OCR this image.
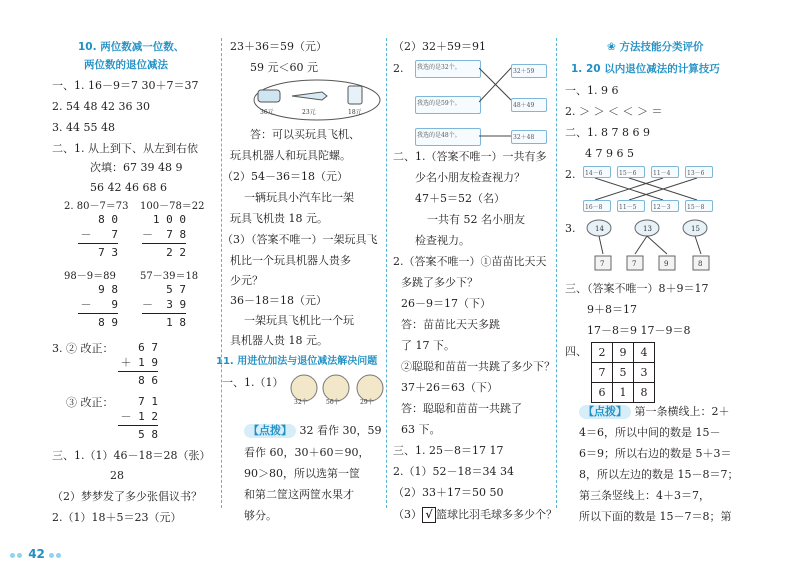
10. 两位数减一位数、
两位数的退位减法
一、1. 16－9＝7 30＋7＝37
2. 54 48 42 36 30
3. 44 55 48
二、1. 从上到下、从左到右依
次填：67 39 48 9
56 42 46 68 6
2. 80－7＝73 100－78＝22
8 0
－   7
7 3
1 0 0
－  7 8
2 2
98－9＝89 57－39＝18
9 8
－   9
8 9
5 7
－  3 9
1 8
3. ② 改正：	6 7
＋ 1 9
8 6
③ 改正：	7 1
－ 1 2
5 8
三、1.（1）46－18＝28（张）
28
（2）梦梦发了多少张倡议书？
2.（1）18＋5＝23（元）
42
23＋36＝59（元）
59 元＜60 元
36元	23元	18元
答：可以买玩具飞机、
玩具机器人和玩具陀螺。
（2）54－36＝18（元）
一辆玩具小汽车比一架
玩具飞机贵 18 元。
（3）（答案不唯一）一架玩具飞
机比一个玩具机器人贵多
少元？
36－18＝18（元）
一架玩具飞机比一个玩
具机器人贵 18 元。
11. 用进位加法与退位减法解决问题
一、1.（1）
32个	56个	29个
【点拨】 32 看作 30，59
看作 60，30＋60＝90，
90＞80，所以选第一筐
和第二筐这两筐水果才
够分。
（2）32＋59＝91
2.	我选的是32个。
我选的是59个。
我选的是48个。
32＋59
48＋49
32＋48
二、1.（答案不唯一）一共有多
少名小朋友检查视力？
47＋5＝52（名）
一共有 52 名小朋友
检查视力。
2.（答案不唯一）①苗苗比天天
多跳了多少下？
26－9＝17（下）
答：苗苗比天天多跳
了 17 下。
②聪聪和苗苗一共跳了多少下？
37＋26＝63（下）
答：聪聪和苗苗一共跳了
63 下。
三、1. 25－8＝17 17
2.（1）52－18＝34 34
（2）33＋17＝50 50
（3） √ 篮球比羽毛球多多少个？
❀ 方法技能分类评价
1. 20 以内退位减法的计算技巧
一、1. 9 6
2. ＞ ＞ ＜ ＜ ＞ ＝
二、1. 8 7 8 6 9
4 7 9 6 5
2.	14－6	15－6	11－4	13－6
16－8	11－5	12－3	15－8
3.	14	13	15
7	7	9	8
三、（答案不唯一）8＋9＝17
9＋8＝17
17－8＝9 17－9＝8
四、 2	9	4
7	5	3
6	1	8
【点拨】 第一条横线上：2＋
4＝6，所以中间的数是 15－
6＝9；所以右边的数是 5＋3＝
8，所以左边的数是 15－8＝7；
第三条竖线上：4＋3＝7，
所以下面的数是 15－7＝8；第
